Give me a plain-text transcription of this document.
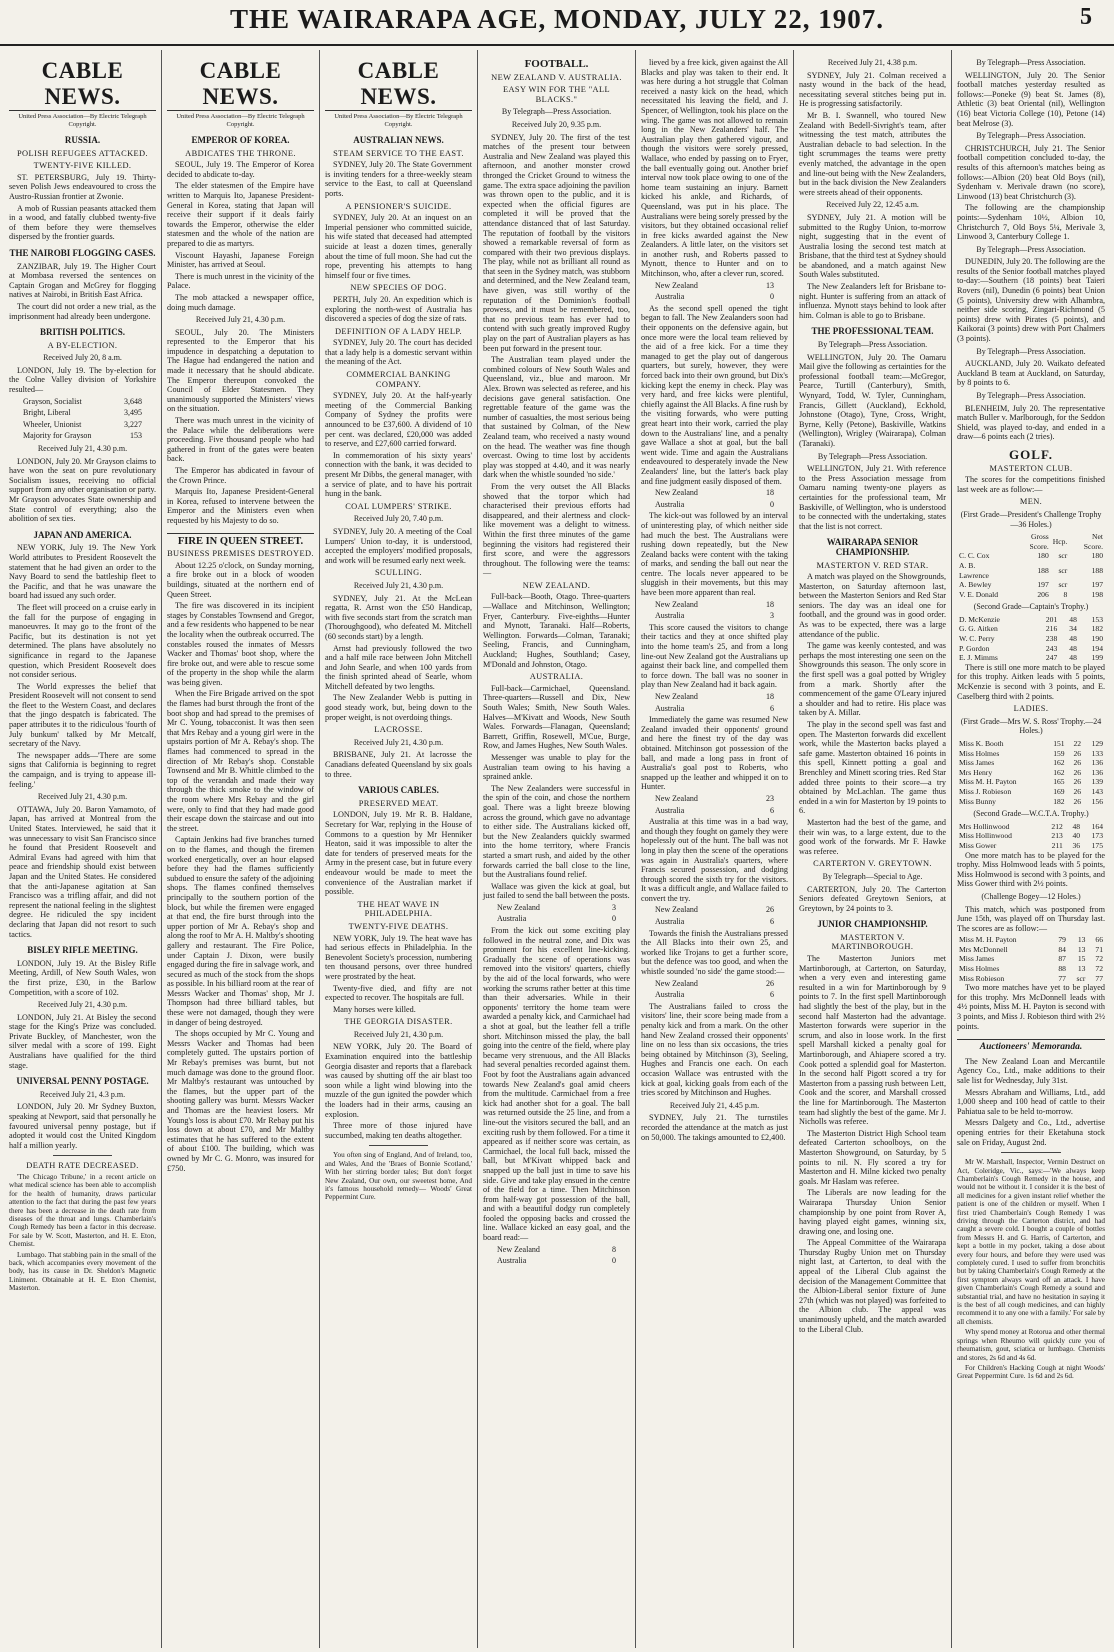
THE WAIRARAPA AGE, MONDAY, JULY 22, 1907.	5
CABLE NEWS.
United Press Association—By Electric Telegraph Copyright.
RUSSIA.
POLISH REFUGEES ATTACKED.
TWENTY-FIVE KILLED.

ST. PETERSBURG, July 19. Thirty-seven Polish Jews endeavoured to cross the Austro-Russian frontier at Zwonie.

A mob of Russian peasants attacked them in a wood, and fatally clubbed twenty-five of them before they were themselves dispersed by the frontier guards.

THE NAIROBI FLOGGING CASES.

ZANZIBAR, July 19. The Higher Court at Mombasa reversed the sentences on Captain Grogan and McGrey for flogging natives at Nairobi, in British East Africa.

The court did not order a new trial, as the imprisonment had already been undergone.

BRITISH POLITICS.
A BY-ELECTION.
Received July 20, 8 a.m.

LONDON, July 19. The by-election for the Colne Valley division of Yorkshire resulted—

Grayson, Socialist	3,648
Bright, Liberal	3,495
Wheeler, Unionist	3,227
Majority for Grayson	153
Received July 21, 4.30 p.m.

LONDON, July 20. Mr Grayson claims to have won the seat on pure revolutionary Socialism issues, receiving no official support from any other organisation or party. Mr Grayson advocates State ownership and State control of everything; also the abolition of sex ties.

JAPAN AND AMERICA.

NEW YORK, July 19. The New York World attributes to President Roosevelt the statement that he had given an order to the Navy Board to send the battleship fleet to the Pacific, and that he was unaware the board had issued any such order.

The fleet will proceed on a cruise early in the fall for the purpose of engaging in manoeuvres. It may go to the front of the Pacific, but its destination is not yet determined. The plans have absolutely no significance in regard to the Japanese question, which President Roosevelt does not consider serious.

The World expresses the belief that President Roosevelt will not consent to send the fleet to the Western Coast, and declares that the jingo despatch is fabricated. The paper attributes it to the ridiculous 'fourth of July bunkum' talked by Mr Metcalf, secretary of the Navy.

The newspaper adds—'There are some signs that California is beginning to regret the campaign, and is trying to appease ill-feeling.'

Received July 21, 4.30 p.m.

OTTAWA, July 20. Baron Yamamoto, of Japan, has arrived at Montreal from the United States. Interviewed, he said that it was unnecessary to visit San Francisco since he found that President Roosevelt and Admiral Evans had agreed with him that peace and friendship should exist between Japan and the United States. He considered that the anti-Japanese agitation at San Francisco was a trifling affair, and did not represent the national feeling in the slightest degree. He ridiculed the spy incident declaring that Japan did not resort to such tactics.

BISLEY RIFLE MEETING.

LONDON, July 19. At the Bisley Rifle Meeting, Ardill, of New South Wales, won the first prize, £30, in the Barlow Competition, with a score of 102.

Received July 21, 4.30 p.m.

LONDON, July 21. At Bisley the second stage for the King's Prize was concluded. Private Buckley, of Manchester, won the silver medal with a score of 199. Eight Australians have qualified for the third stage.

UNIVERSAL PENNY POSTAGE.
Received July 21, 4.3 p.m.

LONDON, July 20. Mr Sydney Buxton, speaking at Newport, said that personally he favoured universal penny postage, but if adopted it would cost the United Kingdom half a million yearly.

DEATH RATE DECREASED.

'The Chicago Tribune,' in a recent article on what medical science has been able to accomplish for the health of humanity, draws particular attention to the fact that during the past few years there has been a decrease in the death rate from diseases of the throat and lungs. Chamberlain's Cough Remedy has been a factor in this decrease. For sale by W. Scott, Masterton, and H. E. Eton, Chemist.

Lumbago. That stabbing pain in the small of the back, which accompanies every movement of the body, has its cause in Dr. Sheldon's Magnetic Liniment. Obtainable at H. E. Eton Chemist, Masterton.

CABLE NEWS.
United Press Association—By Electric Telegraph Copyright.
EMPEROR OF KOREA.
ABDICATES THE THRONE.

SEOUL, July 19. The Emperor of Korea decided to abdicate to-day.

The elder statesmen of the Empire have written to Marquis Ito, Japanese President-General in Korea, stating that Japan will receive their support if it deals fairly towards the Emperor, otherwise the elder statesmen and the whole of the nation are prepared to die as martyrs.

Viscount Hayashi, Japanese Foreign Minister, has arrived at Seoul.

There is much unrest in the vicinity of the Palace.

The mob attacked a newspaper office, doing much damage.

Received July 21, 4.30 p.m.

SEOUL, July 20. The Ministers represented to the Emperor that his impudence in despatching a deputation to The Hague had endangered the nation and made it necessary that he should abdicate. The Emperor thereupon convoked the Council of Elder Statesmen. They unanimously supported the Ministers' views on the situation.

There was much unrest in the vicinity of the Palace while the deliberations were proceeding. Five thousand people who had gathered in front of the gates were beaten back.

The Emperor has abdicated in favour of the Crown Prince.

Marquis Ito, Japanese President-General in Korea, refused to intervene between the Emperor and the Ministers even when requested by his Majesty to do so.

FIRE IN QUEEN STREET.
BUSINESS PREMISES DESTROYED.

About 12.25 o'clock, on Sunday morning, a fire broke out in a block of wooden buildings, situated at the northern end of Queen Street.

The fire was discovered in its incipient stages by Constables Townsend and Gregor, and a few residents who happened to be near the locality when the outbreak occurred. The constables roused the inmates of Messrs Wacker and Thomas' boot shop, where the fire broke out, and were able to rescue some of the property in the shop while the alarm was being given.

When the Fire Brigade arrived on the spot the flames had burst through the front of the boot shop and had spread to the premises of Mr C. Young, tobacconist. It was then seen that Mrs Rebay and a young girl were in the upstairs portion of Mr A. Rebay's shop. The flames had commenced to spread in the direction of Mr Rebay's shop. Constable Townsend and Mr B. Whittle climbed to the top of the verandah and made their way through the thick smoke to the window of the room where Mrs Rebay and the girl were, only to find that they had made good their escape down the staircase and out into the street.

Captain Jenkins had five branches turned on to the flames, and though the firemen worked energetically, over an hour elapsed before they had the flames sufficiently subdued to ensure the safety of the adjoining shops. The flames confined themselves principally to the southern portion of the block, but while the firemen were engaged at that end, the fire burst through into the upper portion of Mr A. Rebay's shop and along the roof to Mr A. H. Maltby's shooting gallery and restaurant. The Fire Police, under Captain J. Dixon, were busily engaged during the fire in salvage work, and secured as much of the stock from the shops as possible. In his billiard room at the rear of Messrs Wacker and Thomas' shop, Mr J. Thompson had three billiard tables, but these were not damaged, though they were in danger of being destroyed.

The shops occupied by Mr C. Young and Messrs Wacker and Thomas had been completely gutted. The upstairs portion of Mr Rebay's premises was burnt, but not much damage was done to the ground floor. Mr Maltby's restaurant was untouched by the flames, but the upper part of the shooting gallery was burnt. Messrs Wacker and Thomas are the heaviest losers. Mr Young's loss is about £70. Mr Rebay put his loss down at about £70, and Mr Maltby estimates that he has suffered to the extent of about £100. The building, which was owned by Mr C. G. Monro, was insured for £750.

CABLE NEWS.
United Press Association—By Electric Telegraph Copyright.
AUSTRALIAN NEWS.
STEAM SERVICE TO THE EAST.

SYDNEY, July 20. The State Government is inviting tenders for a three-weekly steam service to the East, to call at Queensland ports.

A PENSIONER'S SUICIDE.

SYDNEY, July 20. At an inquest on an Imperial pensioner who committed suicide, his wife stated that deceased had attempted suicide at least a dozen times, generally about the time of full moon. She had cut the rope, preventing his attempts to hang himself four or five times.

NEW SPECIES OF DOG.

PERTH, July 20. An expedition which is exploring the north-west of Australia has discovered a species of dog the size of rats.

DEFINITION OF A LADY HELP.

SYDNEY, July 20. The court has decided that a lady help is a domestic servant within the meaning of the Act.

COMMERCIAL BANKING COMPANY.

SYDNEY, July 20. At the half-yearly meeting of the Commercial Banking Company of Sydney the profits were announced to be £37,600. A dividend of 10 per cent. was declared, £20,000 was added to reserve, and £27,600 carried forward.

In commemoration of his sixty years' connection with the bank, it was decided to present Mr Dibbs, the general manager, with a service of plate, and to have his portrait hung in the bank.

COAL LUMPERS' STRIKE.
Received July 20, 7.40 p.m.

SYDNEY, July 20. A meeting of the Coal Lumpers' Union to-day, it is understood, accepted the employers' modified proposals, and work will be resumed early next week.

SCULLING.
Received July 21, 4.30 p.m.

SYDNEY, July 21. At the McLean regatta, R. Arnst won the £50 Handicap, with five seconds start from the scratch man (Thoroughgood), who defeated M. Mitchell (60 seconds start) by a length.

Arnst had previously followed the two and a half mile race between John Mitchell and John Searle, and when 100 yards from the finish sprinted ahead of Searle, whom Mitchell defeated by two lengths.

The New Zealander Webb is putting in good steady work, but, being down to the proper weight, is not overdoing things.

LACROSSE.
Received July 21, 4.30 p.m.

BRISBANE, July 21. At lacrosse the Canadians defeated Queensland by six goals to three.

VARIOUS CABLES.
PRESERVED MEAT.

LONDON, July 19. Mr R. B. Haldane, Secretary for War, replying in the House of Commons to a question by Mr Henniker Heaton, said it was impossible to alter the date for tenders of preserved meats for the Army in the present case, but in future every endeavour would be made to meet the convenience of the Australian market if possible.

THE HEAT WAVE IN PHILADELPHIA.
TWENTY-FIVE DEATHS.

NEW YORK, July 19. The heat wave has had serious effects in Philadelphia. In the Benevolent Society's procession, numbering ten thousand persons, over three hundred were prostrated by the heat.

Twenty-five died, and fifty are not expected to recover. The hospitals are full.

Many horses were killed.

THE GEORGIA DISASTER.
Received July 21, 4.30 p.m.

NEW YORK, July 20. The Board of Examination enquired into the battleship Georgia disaster and reports that a flareback was caused by shutting off the air blast too soon while a light wind blowing into the muzzle of the gun ignited the powder which the loaders had in their arms, causing an explosion.

Three more of those injured have succumbed, making ten deaths altogether.

You often sing of England, And of Ireland, too, and Wales, And the 'Braes of Bonnie Scotland,' With her stirring border tales; But don't forget New Zealand, Our own, our sweetest home, And it's famous household remedy— Woods' Great Peppermint Cure.

FOOTBALL.
NEW ZEALAND V. AUSTRALIA.
EASY WIN FOR THE "ALL BLACKS."
By Telegraph—Press Association.
Received July 20, 9.35 p.m.

SYDNEY, July 20. The first of the test matches of the present tour between Australia and New Zealand was played this afternoon, and another monster crowd thronged the Cricket Ground to witness the game. The extra space adjoining the pavilion was thrown open to the public, and it is expected when the official figures are completed it will be proved that the attendance distanced that of last Saturday. The reputation of football by the visitors showed a remarkable reversal of form as compared with their two previous displays. The play, while not as brilliant all round as that seen in the Sydney match, was stubborn and determined, and the New Zealand team, have given, was still worthy of the reputation of the Dominion's football prowess, and it must be remembered, too, that no previous team has ever had to contend with such greatly improved Rugby play on the part of Australian players as has been put forward in the present tour.

The Australian team played under the combined colours of New South Wales and Queensland, viz., blue and maroon. Mr Alex. Brown was selected as referee, and his decisions gave general satisfaction. One regrettable feature of the game was the number of casualties, the most serious being that sustained by Colman, of the New Zealand team, who received a nasty wound on the head. The weather was fine though overcast. Owing to time lost by accidents play was stopped at 4.40, and it was nearly dark when the whistle sounded 'no side.'

From the very outset the All Blacks showed that the torpor which had characterised their previous efforts had disappeared, and their alertness and clock-like movement was a delight to witness. Within the first three minutes of the game beginning the visitors had registered their first score, and were the aggressors throughout. The following were the teams:—

NEW ZEALAND.

Full-back—Booth, Otago. Three-quarters—Wallace and Mitchinson, Wellington; Fryer, Canterbury. Five-eighths—Hunter and Mynott, Taranaki. Half—Roberts, Wellington. Forwards—Colman, Taranaki; Seeling, Francis, and Cunningham, Auckland; Hughes, Southland; Casey, M'Donald and Johnston, Otago.

AUSTRALIA.

Full-back—Carmichael, Queensland. Three-quarters—Russell and Dix, New South Wales; Smith, New South Wales. Halves—M'Kivatt and Woods, New South Wales. Forwards—Flanagan, Queensland; Barrett, Griffin, Rosewell, M'Cue, Burge, Row, and James Hughes, New South Wales.

Messenger was unable to play for the Australian team owing to his having a sprained ankle.

The New Zealanders were successful in the spin of the coin, and chose the northern goal. There was a light breeze blowing across the ground, which gave no advantage to either side. The Australians kicked off, but the New Zealanders quickly swarmed into the home territory, where Francis started a smart rush, and aided by the other forwards carried the ball close to the line, but the Australians found relief.

Wallace was given the kick at goal, but just failed to send the ball between the posts.

New Zealand	3
Australia	0

From the kick out some exciting play followed in the neutral zone, and Dix was prominent for his excellent line-kicking. Gradually the scene of operations was removed into the visitors' quarters, chiefly by the aid of the local forwards, who were working the scrums rather better at this time than their adversaries. While in their opponents' territory the home team were awarded a penalty kick, and Carmichael had a shot at goal, but the leather fell a trifle short. Mitchinson missed the play, the ball going into the centre of the field, where play became very strenuous, and the All Blacks had several penalties recorded against them. Foot by foot the Australians again advanced towards New Zealand's goal amid cheers from the multitude. Carmichael from a free kick had another shot for a goal. The ball was returned outside the 25 line, and from a line-out the visitors secured the ball, and an exciting rush by them followed. For a time it appeared as if neither score was certain, as Carmichael, the local full back, missed the ball, but M'Kivatt whipped back and snapped up the ball just in time to save his side. Give and take play ensued in the centre of the field for a time. Then Mitchinson from half-way got possession of the ball, and with a beautiful dodgy run completely fooled the opposing backs and crossed the line. Wallace kicked an easy goal, and the board read:—

New Zealand	8
Australia	0

lieved by a free kick, given against the All Blacks and play was taken to their end. It was here during a hot struggle that Colman received a nasty kick on the head, which necessitated his leaving the field, and J. Spencer, of Wellington, took his place on the wing. The game was not allowed to remain long in the New Zealanders' half. The Australian play then gathered vigour, and though the visitors were sorely pressed, Wallace, who ended by passing on to Fryer, the ball eventually going out. Another brief interval now took place owing to one of the home team sustaining an injury. Barnett kicked his ankle, and Richards, of Queensland, was put in his place. The Australians were being sorely pressed by the visitors, but they obtained occasional relief in free kicks awarded against the New Zealanders. A little later, on the visitors set in another rush, and Roberts passed to Mynott, thence to Hunter and on to Mitchinson, who, after a clever run, scored.

New Zealand	13
Australia	0

As the second spell opened the tight began to fall. The New Zealanders soon had their opponents on the defensive again, but once more were the local team relieved by the aid of a free kick. For a time they managed to get the play out of dangerous quarters, but surely, however, they were forced back into their own ground, but Dix's kicking kept the enemy in check. Play was very hard, and free kicks were plentiful, chiefly against the All Blacks. A fine rush by the visiting forwards, who were putting great heart into their work, carried the play down to the Australians' line, and a penalty gave Wallace a shot at goal, but the ball went wide. Time and again the Australians endeavoured to desperately invade the New Zealanders' line, but the latter's back play and fine judgment easily disposed of them.

New Zealand	18
Australia	0

The kick-out was followed by an interval of uninteresting play, of which neither side had much the best. The Australians were rushing down repeatedly, but the New Zealand backs were content with the taking of marks, and sending the ball out near the centre. The locals never appeared to be sluggish in their movements, but this may have been more apparent than real.

New Zealand	18
Australia	3

This score caused the visitors to change their tactics and they at once shifted play into the home team's 25, and from a long line-out New Zealand got the Australians up against their back line, and compelled them to force down. The ball was no sooner in play than New Zealand had it back again.

New Zealand	18
Australia	6

Immediately the game was resumed New Zealand invaded their opponents' ground and here the finest try of the day was obtained. Mitchinson got possession of the ball, and made a long pass in front of Australia's goal post to Roberts, who snapped up the leather and whipped it on to Hunter.

New Zealand	23
Australia	6

Australia at this time was in a bad way, and though they fought on gamely they were hopelessly out of the hunt. The ball was not long in play then the scene of the operations was again in Australia's quarters, where Francis secured possession, and dodging through scored the sixth try for the visitors. It was a difficult angle, and Wallace failed to convert the try.

New Zealand	26
Australia	6

Towards the finish the Australians pressed the All Blacks into their own 25, and worked like Trojans to get a further score, but the defence was too good, and when the whistle sounded 'no side' the game stood:—

New Zealand	26
Australia	6

The Australians failed to cross the visitors' line, their score being made from a penalty kick and from a mark. On the other hand New Zealand crossed their opponents' line on no less than six occasions, the tries being obtained by Mitchinson (3), Seeling, Hughes and Francis one each. On each occasion Wallace was entrusted with the kick at goal, kicking goals from each of the tries scored by Mitchinson and Hughes.

Received July 21, 4.45 p.m.

SYDNEY, July 21. The turnstiles recorded the attendance at the match as just on 50,000. The takings amounted to £2,400.

Received July 21, 4.38 p.m.

SYDNEY, July 21. Colman received a nasty wound in the back of the head, necessitating several stitches being put in. He is progressing satisfactorily.

Mr B. I. Swannell, who toured New Zealand with Bedell-Sivright's team, after witnessing the test match, attributes the Australian debacle to bad selection. In the tight scrummages the teams were pretty evenly matched, the advantage in the open and line-out being with the New Zealanders, but in the back division the New Zealanders were streets ahead of their opponents.

Received July 22, 12.45 a.m.

SYDNEY, July 21. A motion will be submitted to the Rugby Union, to-morrow night, suggesting that in the event of Australia losing the second test match at Brisbane, that the third test at Sydney should be abandoned, and a match against New South Wales substituted.

The New Zealanders left for Brisbane to-night. Hunter is suffering from an attack of influenza. Mynott stays behind to look after him. Colman is able to go to Brisbane.

THE PROFESSIONAL TEAM.
By Telegraph—Press Association.

WELLINGTON, July 20. The Oamaru Mail give the following as certainties for the professional football team:—McGregor, Pearce, Turtill (Canterbury), Smith, Wynyard, Todd, W. Tyler, Cunningham, Francis, Gillett (Auckland), Eckhold, Johnstone (Otago), Tyne, Cross, Wright, Byrne, Kelly (Petone), Baskiville, Watkins (Wellington), Wrigley (Wairarapa), Colman (Taranaki).

By Telegraph—Press Association.

WELLINGTON, July 21. With reference to the Press Association message from Oamaru naming twenty-one players as certainties for the professional team, Mr Baskiville, of Wellington, who is understood to be connected with the undertaking, states that the list is not correct.

WAIRARAPA SENIOR CHAMPIONSHIP.
MASTERTON V. RED STAR.

A match was played on the Showgrounds, Masterton, on Saturday afternoon last, between the Masterton Seniors and Red Star seniors. The day was an ideal one for football, and the ground was in good order. As was to be expected, there was a large attendance of the public.

The game was keenly contested, and was perhaps the most interesting one seen on the Showgrounds this season. The only score in the first spell was a goal potted by Wrigley from a mark. Shortly after the commencement of the game O'Leary injured a shoulder and had to retire. His place was taken by A. Millar.

The play in the second spell was fast and open. The Masterton forwards did excellent work, while the Masterton backs played a safe game. Masterton obtained 16 points in this spell, Kinnett potting a goal and Brenchley and Minett scoring tries. Red Star added three points to their score—a try obtained by McLachlan. The game thus ended in a win for Masterton by 19 points to 6.

Masterton had the best of the game, and their win was, to a large extent, due to the good work of the forwards. Mr F. Hawke was referee.

CARTERTON V. GREYTOWN.
By Telegraph—Special to Age.

CARTERTON, July 20. The Carterton Seniors defeated Greytown Seniors, at Greytown, by 24 points to 3.

JUNIOR CHAMPIONSHIP.
MASTERTON V. MARTINBOROUGH.

The Masterton Juniors met Martinborough, at Carterton, on Saturday, when a very even and interesting game resulted in a win for Martinborough by 9 points to 7. In the first spell Martinborough had slightly the best of the play, but in the second half Masterton had the advantage. Masterton forwards were superior in the scrum, and also in loose work. In the first spell Marshall kicked a penalty goal for Martinborough, and Ahiapere scored a try. Cook potted a splendid goal for Masterton. In the second half Pigott scored a try for Masterton from a passing rush between Lett, Cook and the scorer, and Marshall crossed the line for Martinborough. The Masterton team had slightly the best of the game. Mr J. Nicholls was referee.

The Masterton District High School team defeated Carterton schoolboys, on the Masterton Showground, on Saturday, by 5 points to nil. N. Fly scored a try for Masterton and H. Milne kicked two penalty goals. Mr Haslam was referee.

The Liberals are now leading for the Wairarapa Thursday Union Senior championship by one point from Rover A, having played eight games, winning six, drawing one, and losing one.

The Appeal Committee of the Wairarapa Thursday Rugby Union met on Thursday night last, at Carterton, to deal with the appeal of the Liberal Club against the decision of the Management Committee that the Albion-Liberal senior fixture of June 27th (which was not played) was forfeited to the Albion club. The appeal was unanimously upheld, and the match awarded to the Liberal Club.

By Telegraph—Press Association.

WELLINGTON, July 20. The Senior football matches yesterday resulted as follows:—Poneke (9) beat St. James (8), Athletic (3) beat Oriental (nil), Wellington (16) beat Victoria College (10), Petone (14) beat Melrose (3).

By Telegraph—Press Association.

CHRISTCHURCH, July 21. The Senior football competition concluded to-day, the results of this afternoon's matches being as follows:—Albion (20) beat Old Boys (nil), Sydenham v. Merivale drawn (no score), Linwood (13) beat Christchurch (3).

The following are the championship points:—Sydenham 10½, Albion 10, Christchurch 7, Old Boys 5¼, Merivale 3, Linwood 3, Canterbury College 1.

By Telegraph—Press Association.

DUNEDIN, July 20. The following are the results of the Senior football matches played to-day:—Southern (18 points) beat Taieri Rovers (nil), Dunedin (6 points) beat Union (5 points), University drew with Alhambra, neither side scoring, Zingari-Richmond (5 points) drew with Pirates (5 points), and Kaikorai (3 points) drew with Port Chalmers (3 points).

By Telegraph—Press Association.

AUCKLAND, July 20. Waikato defeated Auckland B team at Auckland, on Saturday, by 8 points to 6.

By Telegraph—Press Association.

BLENHEIM, July 20. The representative match Buller v. Marlborough, for the Seddon Shield, was played to-day, and ended in a draw—6 points each (2 tries).

GOLF.
MASTERTON CLUB.

The scores for the competitions finished last week are as follow:—

MEN.
(First Grade—President's Challenge Trophy—36 Holes.)
	Gross Score.	Hcp.	Net Score.
C. C. Cox	180	scr	180
A. B. Lawrence	188	scr	188
A. Bewley	197	scr	197
V. E. Donald	206	8	198
(Second Grade—Captain's Trophy.)
D. McKenzie	201	48	153
G. G. Aitken	216	34	182
W. C. Perry	238	48	190
P. Gordon	243	48	194
E. J. Mimms	247	48	199

There is still one more match to be played for this trophy. Aitken leads with 5 points, McKenzie is second with 3 points, and E. Caselberg third with 2 points.

LADIES.
(First Grade—Mrs W. S. Ross' Trophy.—24 Holes.)
Miss K. Booth	151	22	129
Miss Holmes	159	26	133
Miss James	162	26	136
Mrs Henry	162	26	136
Miss M. H. Payton	165	26	139
Miss J. Robieson	169	26	143
Miss Bunny	182	26	156
(Second Grade—W.C.T.A. Trophy.)
Mrs Hollinwood	212	48	164
Miss Hollinwood	213	40	173
Miss Gower	211	36	175

One more match has to be played for the trophy. Miss Holmwood leads with 5 points, Miss Holmwood is second with 3 points, and Miss Gower third with 2½ points.

(Challenge Bogey—12 Holes.)

This match, which was postponed from June 15th, was played off on Thursday last. The scores are as follow:—

Miss M. H. Payton	79	13	66
Mrs McDonnell	84	13	71
Miss James	87	15	72
Miss Holmes	88	13	72
Miss Robieson	77	scr	77

Two more matches have yet to be played for this trophy. Mrs McDonnell leads with 4½ points, Miss M. H. Payton is second with 3 points, and Miss J. Robieson third with 2½ points.

Auctioneers' Memoranda.

The New Zealand Loan and Mercantile Agency Co., Ltd., make additions to their sale list for Wednesday, July 31st.

Messrs Abraham and Williams, Ltd., add 1,000 sheep and 100 head of cattle to their Pahiatua sale to be held to-morrow.

Messrs Dalgety and Co., Ltd., advertise opening entries for their Eketahuna stock sale on Friday, August 2nd.

Mr W. Marshall, Inspector, Vermin Destruct on Act, Coleridge, Vic., says:—'We always keep Chamberlain's Cough Remedy in the house, and would not be without it. I consider it is the best of all medicines for a given instant relief whether the patient is one of the children or myself. When I first tried Chamberlain's Cough Remedy I was driving through the Carterton district, and had caught a severe cold. I bought a couple of bottles from Messrs H. and G. Harris, of Carterton, and kept a bottle in my pocket, taking a dose about every four hours, and before they were used was completely cured. I used to suffer from bronchitis but by taking Chamberlain's Cough Remedy at the first symptom always ward off an attack. I have given Chamberlain's Cough Remedy a sound and substantial trial, and have no hesitation in saying it is the best of all cough medicines, and can highly recommend it to any one with a family.' For sale by all chemists.

Why spend money at Rotorua and other thermal springs when Rheumo will quickly cure you of rheumatism, gout, sciatica or lumbago. Chemists and stores, 2s 6d and 4s 6d.

For Children's Hacking Cough at night Woods' Great Peppermint Cure. 1s 6d and 2s 6d.
